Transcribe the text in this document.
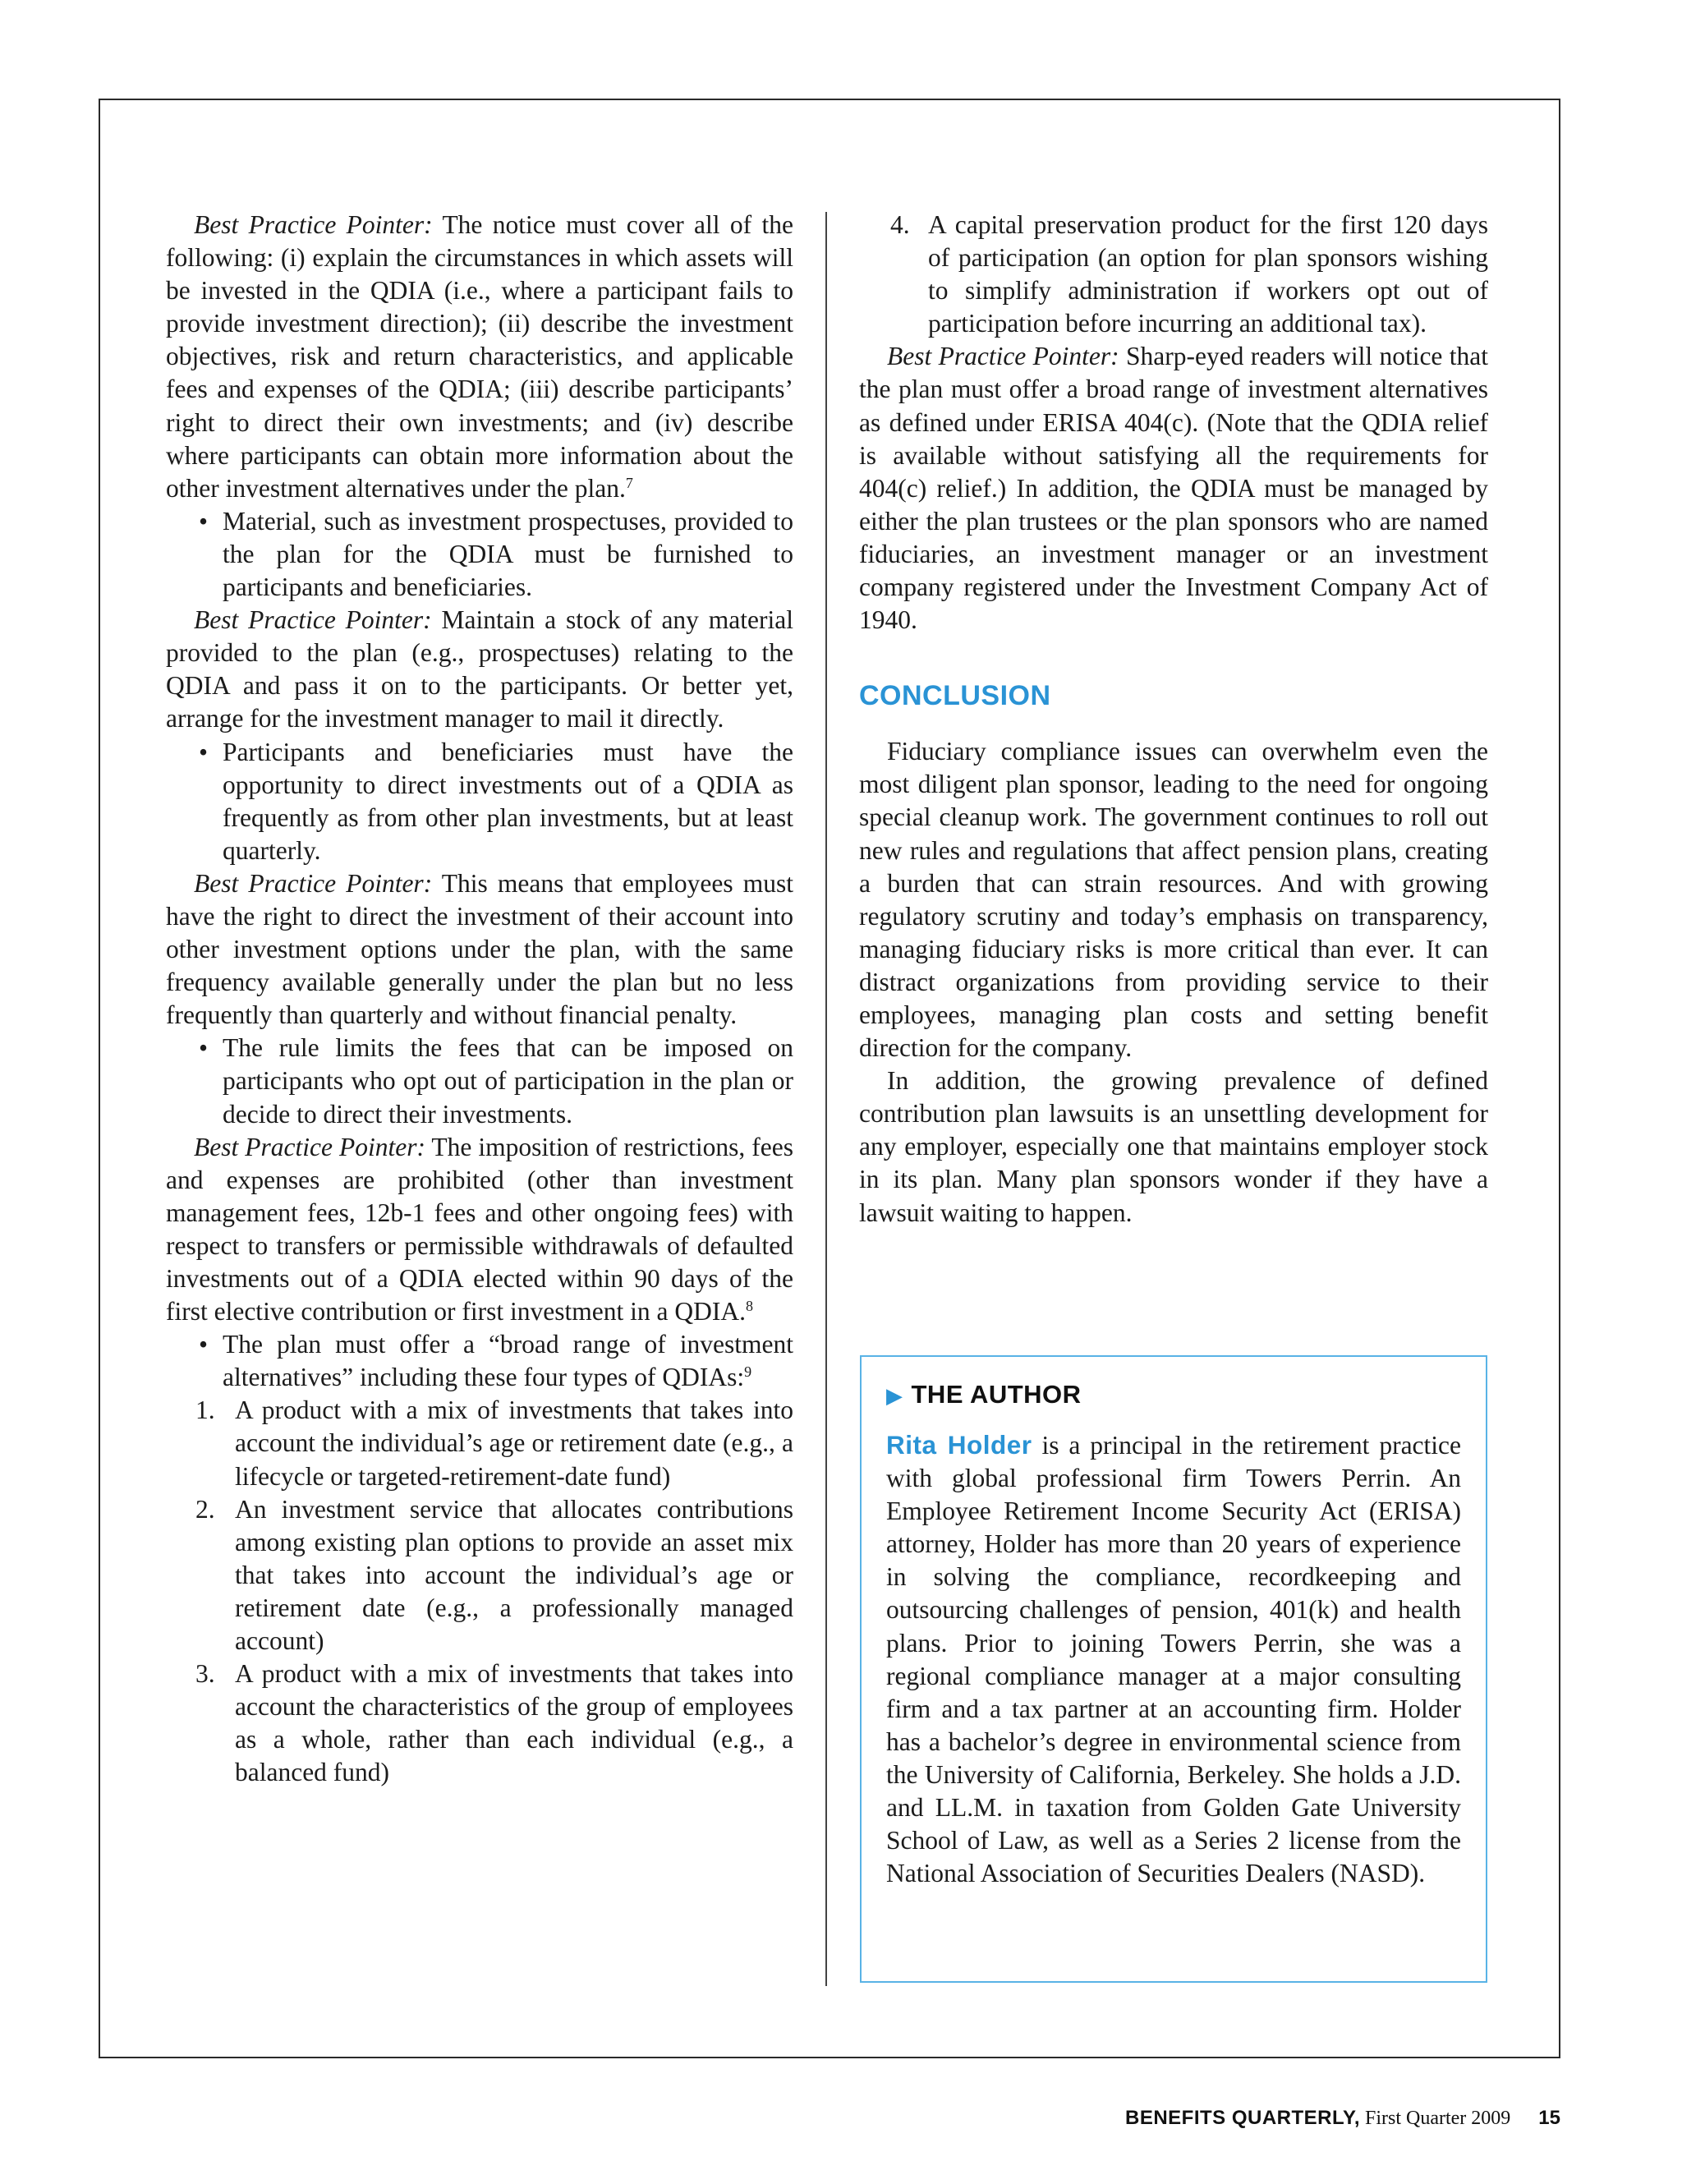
Best Practice Pointer: The notice must cover all of the following: (i) explain the circumstances in which assets will be invested in the QDIA (i.e., where a participant fails to provide investment direction); (ii) describe the investment objectives, risk and return characteristics, and applicable fees and expenses of the QDIA; (iii) describe participants’ right to direct their own investments; and (iv) describe where participants can obtain more information about the other investment alternatives under the plan.$^7$

• Material, such as investment prospectuses, provided to the plan for the QDIA must be furnished to participants and beneficiaries.

Best Practice Pointer: Maintain a stock of any material provided to the plan (e.g., prospectuses) relating to the QDIA and pass it on to the participants. Or better yet, arrange for the investment manager to mail it directly.

• Participants and beneficiaries must have the opportunity to direct investments out of a QDIA as frequently as from other plan investments, but at least quarterly.

Best Practice Pointer: This means that employees must have the right to direct the investment of their account into other investment options under the plan, with the same frequency available generally under the plan but no less frequently than quarterly and without financial penalty.

• The rule limits the fees that can be imposed on participants who opt out of participation in the plan or decide to direct their investments.

Best Practice Pointer: The imposition of restrictions, fees and expenses are prohibited (other than investment management fees, 12b-1 fees and other ongoing fees) with respect to transfers or permissible withdrawals of defaulted investments out of a QDIA elected within 90 days of the first elective contribution or first investment in a QDIA.$^8$

• The plan must offer a “broad range of investment alternatives” including these four types of QDIAs:$^9$

1. A product with a mix of investments that takes into account the individual’s age or retirement date (e.g., a lifecycle or targeted-retirement-date fund)

2. An investment service that allocates contributions among existing plan options to provide an asset mix that takes into account the individual’s age or retirement date (e.g., a professionally managed account)

3. A product with a mix of investments that takes into account the characteristics of the group of employees as a whole, rather than each individual (e.g., a balanced fund)

4. A capital preservation product for the first 120 days of participation (an option for plan sponsors wishing to simplify administration if workers opt out of participation before incurring an additional tax).

Best Practice Pointer: Sharp-eyed readers will notice that the plan must offer a broad range of investment alternatives as defined under ERISA 404(c). (Note that the QDIA relief is available without satisfying all the requirements for 404(c) relief.) In addition, the QDIA must be managed by either the plan trustees or the plan sponsors who are named fiduciaries, an investment manager or an investment company registered under the Investment Company Act of 1940.

CONCLUSION

Fiduciary compliance issues can overwhelm even the most diligent plan sponsor, leading to the need for ongoing special cleanup work. The government continues to roll out new rules and regulations that affect pension plans, creating a burden that can strain resources. And with growing regulatory scrutiny and today’s emphasis on transparency, managing fiduciary risks is more critical than ever. It can distract organizations from providing service to their employees, managing plan costs and setting benefit direction for the company.

In addition, the growing prevalence of defined contribution plan lawsuits is an unsettling development for any employer, especially one that maintains employer stock in its plan. Many plan sponsors wonder if they have a lawsuit waiting to happen.

▶ THE AUTHOR

Rita Holder is a principal in the retirement practice with global professional firm Towers Perrin. An Employee Retirement Income Security Act (ERISA) attorney, Holder has more than 20 years of experience in solving the compliance, recordkeeping and outsourcing challenges of pension, 401(k) and health plans. Prior to joining Towers Perrin, she was a regional compliance manager at a major consulting firm and a tax partner at an accounting firm. Holder has a bachelor’s degree in environmental science from the University of California, Berkeley. She holds a J.D. and LL.M. in taxation from Golden Gate University School of Law, as well as a Series 2 license from the National Association of Securities Dealers (NASD).

BENEFITS QUARTERLY, First Quarter 2009 15
